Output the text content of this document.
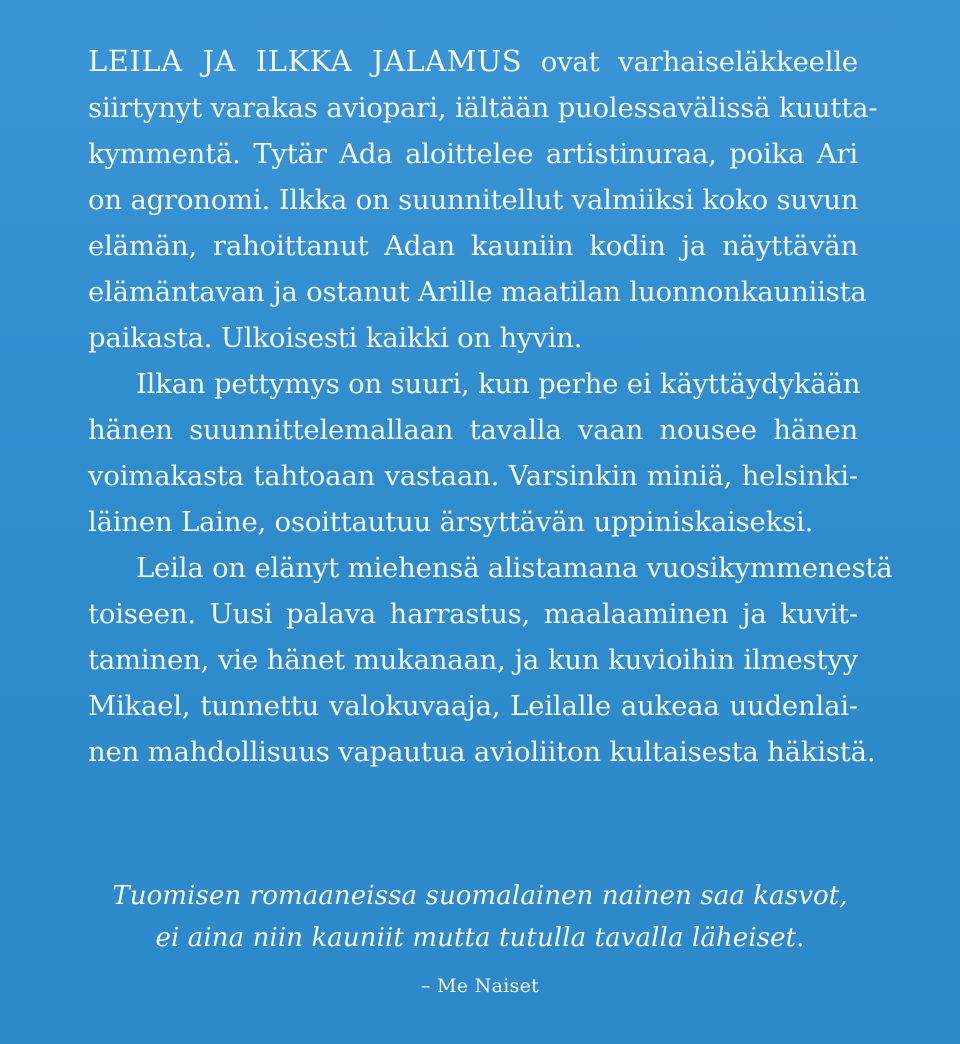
LEILA JA ILKKA JALAMUS ovat varhaiseläkkeelle
siirtynyt varakas aviopari, iältään puolessavälissä kuutta-
kymmentä. Tytär Ada aloittelee artistinuraa, poika Ari
on agronomi. Ilkka on suunnitellut valmiiksi koko suvun
elämän, rahoittanut Adan kauniin kodin ja näyttävän
elämäntavan ja ostanut Arille maatilan luonnonkauniista
paikasta. Ulkoisesti kaikki on hyvin.

Ilkan pettymys on suuri, kun perhe ei käyttäydykään
hänen suunnittelemallaan tavalla vaan nousee hänen
voimakasta tahtoaan vastaan. Varsinkin miniä, helsinki-
läinen Laine, osoittautuu ärsyttävän uppiniskaiseksi.

Leila on elänyt miehensä alistamana vuosikymmenestä
toiseen. Uusi palava harrastus, maalaaminen ja kuvit-
taminen, vie hänet mukanaan, ja kun kuvioihin ilmestyy
Mikael, tunnettu valokuvaaja, Leilalle aukeaa uudenlai-
nen mahdollisuus vapautua avioliiton kultaisesta häkistä.

Tuomisen romaaneissa suomalainen nainen saa kasvot,
ei aina niin kauniit mutta tutulla tavalla läheiset.

– Me Naiset
